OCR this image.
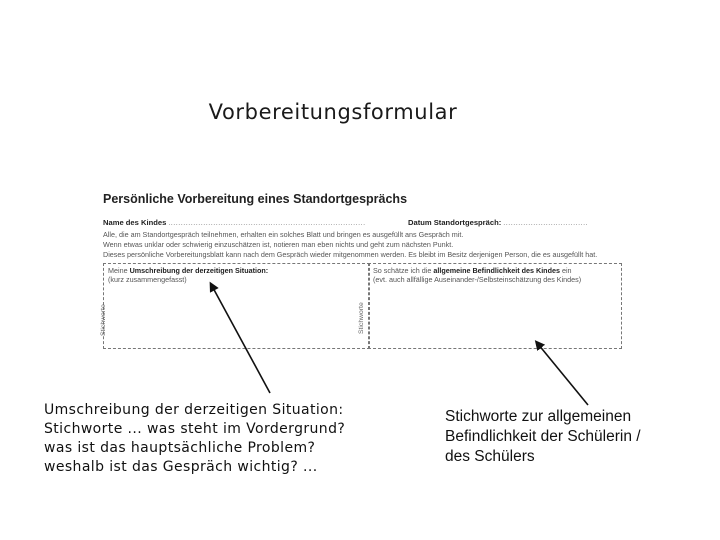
Vorbereitungsformular
Persönliche Vorbereitung eines Standortgesprächs
Name des Kindes ...............................................................................	Datum Standortgespräch: ..................................
Alle, die am Standortgespräch teilnehmen, erhalten ein solches Blatt und bringen es ausgefüllt ans Gespräch mit.
Wenn etwas unklar oder schwierig einzuschätzen ist, notieren man eben nichts und geht zum nächsten Punkt.
Dieses persönliche Vorbereitungsblatt kann nach dem Gespräch wieder mitgenommen werden. Es bleibt im Besitz derjenigen Person, die es ausgefüllt hat.
Meine Umschreibung der derzeitigen Situation:
(kurz zusammengefasst)
Stichworte	Stichworte
So schätze ich die allgemeine Befindlichkeit des Kindes ein
(evt. auch allfällige Auseinander-/Selbsteinschätzung des Kindes)
Umschreibung der derzeitigen Situation:
Stichworte ... was steht im Vordergrund?
was ist das hauptsächliche Problem?
weshalb ist das Gespräch wichtig? ...
Stichworte zur allgemeinen
Befindlichkeit der Schülerin /
des Schülers
